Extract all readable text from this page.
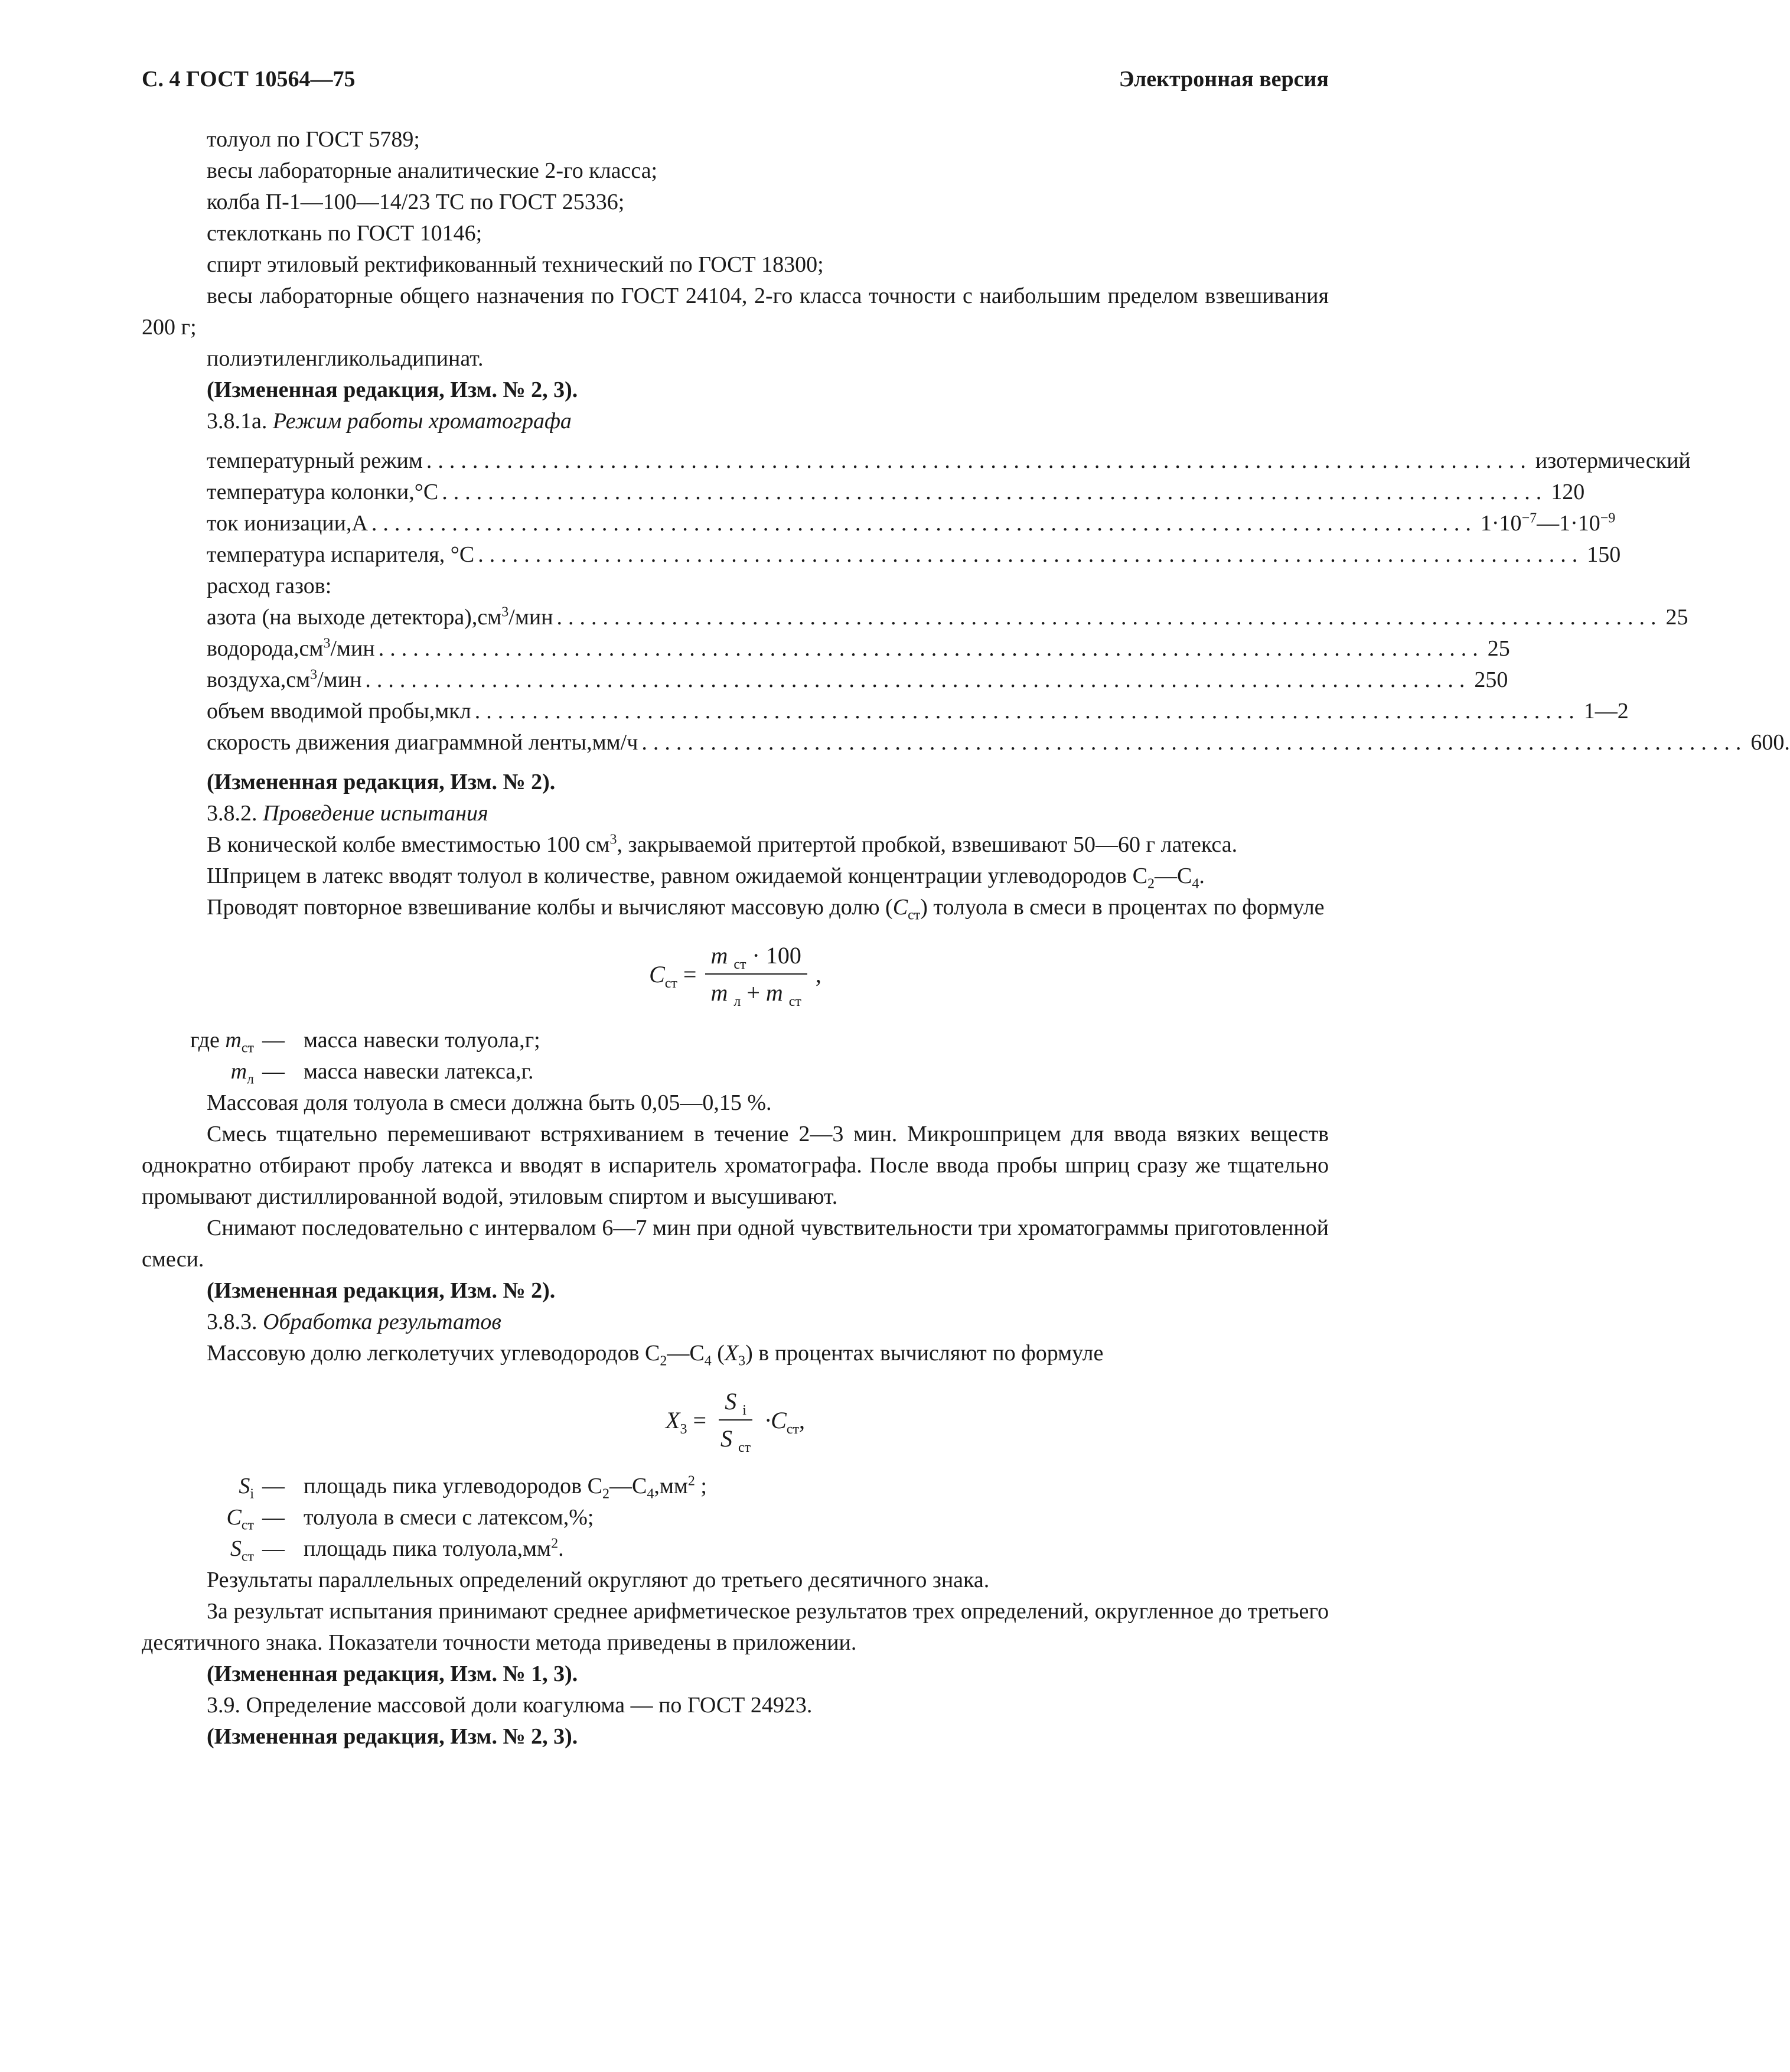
С. 4 ГОСТ 10564—75	Электронная версия

толуол по ГОСТ 5789;

весы лабораторные аналитические 2-го класса;

колба П-1—100—14/23 ТС по ГОСТ 25336;

стеклоткань по ГОСТ 10146;

спирт этиловый ректификованный технический по ГОСТ 18300;

весы лабораторные общего назначения по ГОСТ 24104, 2-го класса точности с наибольшим пределом взвешивания 200 г;

полиэтиленгликольадипинат.

(Измененная редакция, Изм. № 2, 3).

3.8.1а. Режим работы хроматографа

температурный режим ................................................................................................ изотермический
температура колонки,°С ................................................................................................ 120
ток ионизации,А ................................................................................................ $1\cdot 10^{-7}—1\cdot 10^{-9}$
температура испарителя, °С ................................................................................................ 150

расход газов:

азота (на выходе $детектора),см^3$/мин ................................................................................................ 25
$водорода,см^3$/мин ................................................................................................ 25
$воздуха,см^3$/мин ................................................................................................ 250
объем вводимой пробы,мкл ................................................................................................ 1—2
скорость движения диаграммной ленты,мм/ч ................................................................................................ 600.

(Измененная редакция, Изм. № 2).

3.8.2. Проведение испытания

В конической колбе вместимостью 100 $см^3$, закрываемой притертой пробкой, взвешивают 50—60 г латекса.

Шприцем в латекс вводят толуол в количестве, равном ожидаемой концентрации углеводородов $С_2—С_4$.

Проводят повторное взвешивание колбы и вычисляют массовую долю $(C_{ст})$ толуола в смеси в процентах по формуле

$C_{ст} = \frac{m _{ст} \cdot 100}{m _л + m _{ст}}$ ,
где $m_{ст}$ — масса навески толуола,г;
$m_л$ — масса навески латекса,г.

Массовая доля толуола в смеси должна быть 0,05—0,15 %.

Смесь тщательно перемешивают встряхиванием в течение 2—3 мин. Микрошприцем для ввода вязких веществ однократно отбирают пробу латекса и вводят в испаритель хроматографа. После ввода пробы шприц сразу же тщательно промывают дистиллированной водой, этиловым спиртом и высушивают.

Снимают последовательно с интервалом 6—7 мин при одной чувствительности три хроматограммы приготовленной смеси.

(Измененная редакция, Изм. № 2).

3.8.3. Обработка результатов

Массовую долю легколетучих углеводородов $С_2—С_4$ $(X_3)$ в процентах вычисляют по формуле

$X_3 = \frac{S _i}{S _{ст}} \cdot C_{ст}$,
$S_i$ — площадь пика углеводородов $С_2—С_4,мм^2$ ;
$C_{ст}$ — толуола в смеси с латексом,%;
$S_{ст}$ — площадь пика $толуола,мм^2$.

Результаты параллельных определений округляют до третьего десятичного знака.

За результат испытания принимают среднее арифметическое результатов трех определений, округленное до третьего десятичного знака. Показатели точности метода приведены в приложении.

(Измененная редакция, Изм. № 1, 3).

3.9. Определение массовой доли коагулюма — по ГОСТ 24923.

(Измененная редакция, Изм. № 2, 3).
